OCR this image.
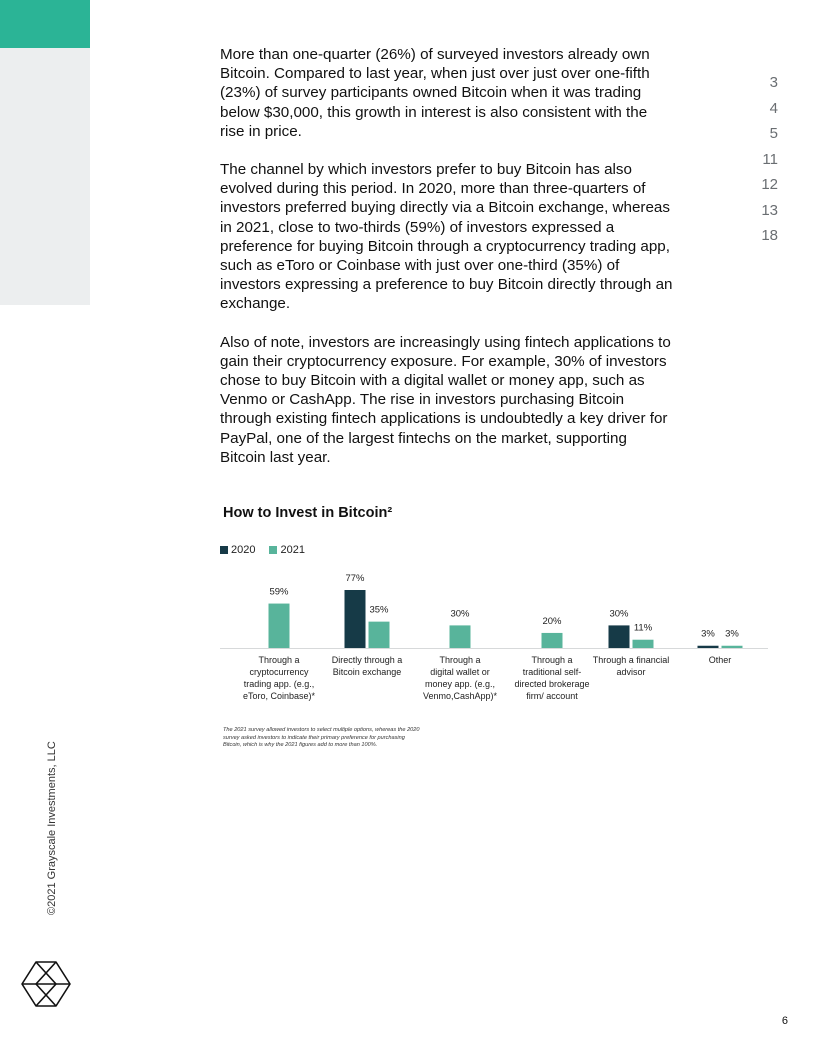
3
4
5
11
12
13
18

More than one-quarter (26%) of surveyed investors already own Bitcoin. Compared to last year, when just over just over one-fifth (23%) of survey participants owned Bitcoin when it was trading below $30,000, this growth in interest is also consistent with the rise in price.

The channel by which investors prefer to buy Bitcoin has also evolved during this period. In 2020, more than three-quarters of investors preferred buying directly via a Bitcoin exchange, whereas in 2021, close to two-thirds (59%) of investors expressed a preference for buying Bitcoin through a cryptocurrency trading app, such as eToro or Coinbase with just over one-third (35%) of investors expressing a preference to buy Bitcoin directly through an exchange.

Also of note, investors are increasingly using fintech applications to gain their cryptocurrency exposure. For example, 30% of investors chose to buy Bitcoin with a digital wallet or money app, such as Venmo or CashApp. The rise in investors purchasing Bitcoin through existing fintech applications is undoubtedly a key driver for PayPal, one of the largest fintechs on the market, supporting Bitcoin last year.

How to Invest in Bitcoin²
2020 2021
59%
Through a
cryptocurrency
trading app. (e.g.,
eToro, Coinbase)*
77%
35%
Directly through a
Bitcoin exchange
30%
Through a
digital wallet or
money app. (e.g.,
Venmo,CashApp)*
20%
Through a
traditional self-
directed brokerage
firm/ account
30%
11%
Through a financial
advisor
3% 3%
Other

The 2021 survey allowed investors to select multiple options, whereas the 2020 survey asked investors to indicate their primary preference for purchasing Bitcoin, which is why the 2021 figures add to more than 100%.

©2021 Grayscale Investments, LLC
6
